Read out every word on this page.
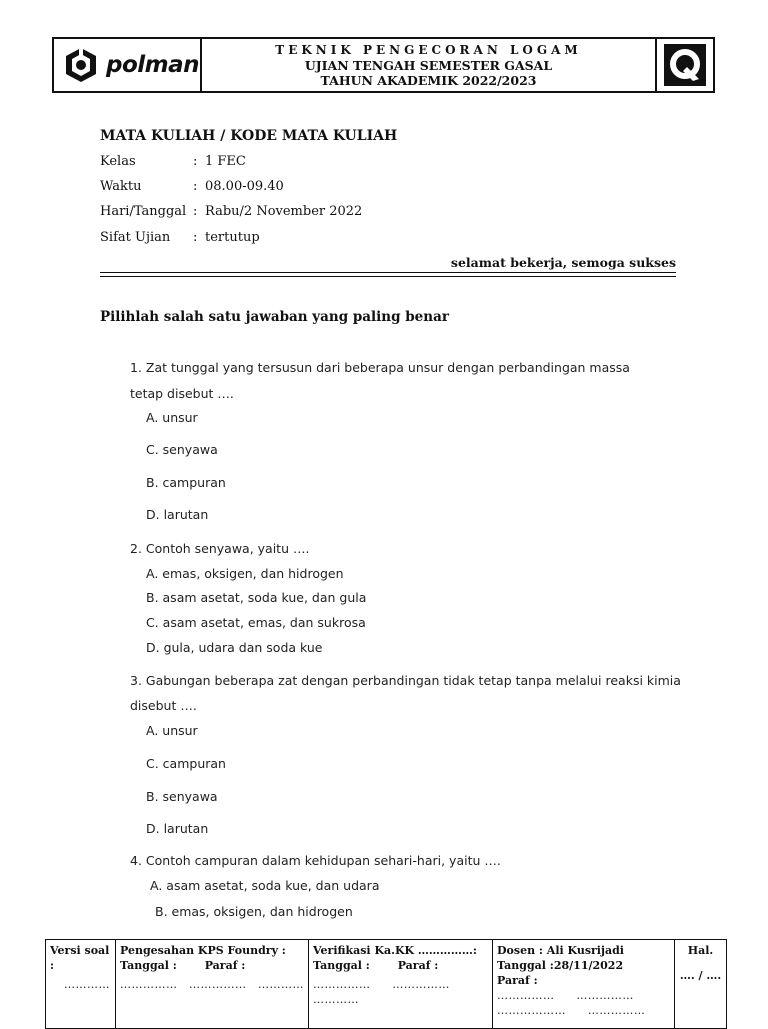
polman
TEKNIK PENGECORAN LOGAM
UJIAN TENGAH SEMESTER GASAL
TAHUN AKADEMIK 2022/2023
MATA KULIAH / KODE MATA KULIAH
Kelas	: 1 FEC
Waktu	: 08.00-09.40
Hari/Tanggal : Rabu/2 November 2022
Sifat Ujian : tertutup
selamat bekerja, semoga sukses
Pilihlah salah satu jawaban yang paling benar
1. Zat tunggal yang tersusun dari beberapa unsur dengan perbandingan massa
tetap disebut ….
A. unsur
C. senyawa
B. campuran
D. larutan
2. Contoh senyawa, yaitu ….
A. emas, oksigen, dan hidrogen
B. asam asetat, soda kue, dan gula
C. asam asetat, emas, dan sukrosa
D. gula, udara dan soda kue
3. Gabungan beberapa zat dengan perbandingan tidak tetap tanpa melalui reaksi kimia
disebut ….
A. unsur
C. campuran
B. senyawa
D. larutan
4. Contoh campuran dalam kehidupan sehari-hari, yaitu ….
A. asam asetat, soda kue, dan udara
B. emas, oksigen, dan hidrogen
Versi soal :
…………
Pengesahan KPS Foundry :
Tanggal :	Paraf :
…………… …………… …………
Verifikasi Ka.KK ……………:
Tanggal :	Paraf :
…………… ……………
…………
Dosen : Ali Kusrijadi
Tanggal :28/11/2022
Paraf :
…………… ……………
……………… ……………
Hal.
…. / ….
